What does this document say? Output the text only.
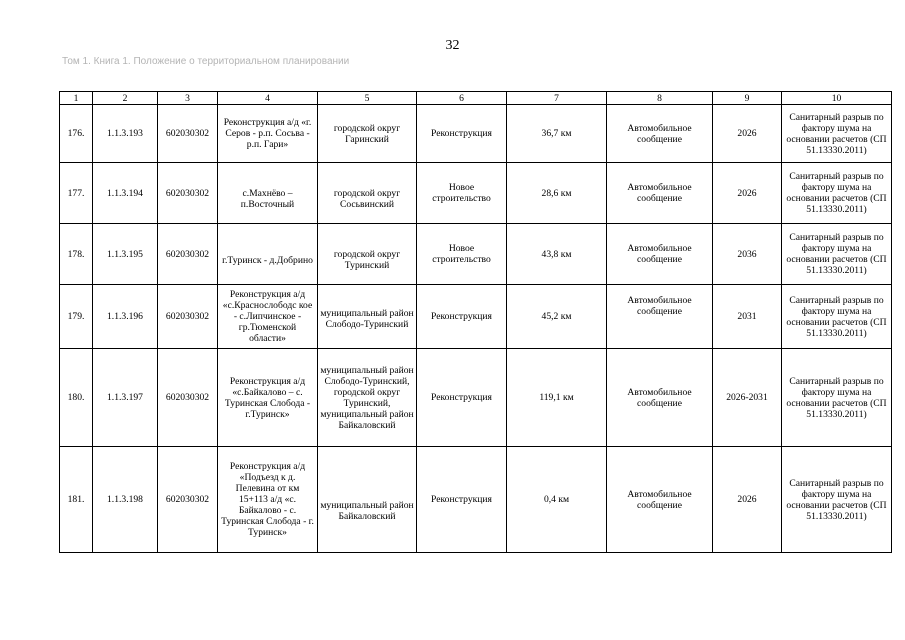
32
Том 1. Книга 1. Положение о территориальном планировании
1	2	3	4	5	6	7	8	9	10
176.	1.1.3.193	602030302	Реконструкция а/д «г. Серов - р.п. Сосьва - р.п. Гари»	городской округ Гаринский	Реконструкция	36,7 км	Автомобильное сообщение	2026	Санитарный разрыв по фактору шума на основании расчетов (СП 51.13330.2011)
177.	1.1.3.194	602030302	с.Махнёво – п.Восточный	городской округ Сосьвинский	Новое строительство	28,6 км	Автомобильное сообщение	2026	Санитарный разрыв по фактору шума на основании расчетов (СП 51.13330.2011)
178.	1.1.3.195	602030302	г.Туринск - д.Добрино	городской округ Туринский	Новое строительство	43,8 км	Автомобильное сообщение	2036	Санитарный разрыв по фактору шума на основании расчетов (СП 51.13330.2011)
179.	1.1.3.196	602030302	Реконструкция а/д «с.Краснослободс кое - с.Липчинское - гр.Тюменской области»	муниципальный район Слободо-Туринский	Реконструкция	45,2 км	Автомобильное сообщение	2031	Санитарный разрыв по фактору шума на основании расчетов (СП 51.13330.2011)
180.	1.1.3.197	602030302	Реконструкция а/д «с.Байкалово – с. Туринская Слобода - г.Туринск»	муниципальный район Слободо-Туринский, городской округ Туринский, муниципальный район Байкаловский	Реконструкция	119,1 км	Автомобильное сообщение	2026-2031	Санитарный разрыв по фактору шума на основании расчетов (СП 51.13330.2011)
181.	1.1.3.198	602030302	Реконструкция а/д «Подъезд к д. Пелевина от км 15+113 а/д «с. Байкалово - с. Туринская Слобода - г. Туринск»	муниципальный район Байкаловский	Реконструкция	0,4 км	Автомобильное сообщение	2026	Санитарный разрыв по фактору шума на основании расчетов (СП 51.13330.2011)
